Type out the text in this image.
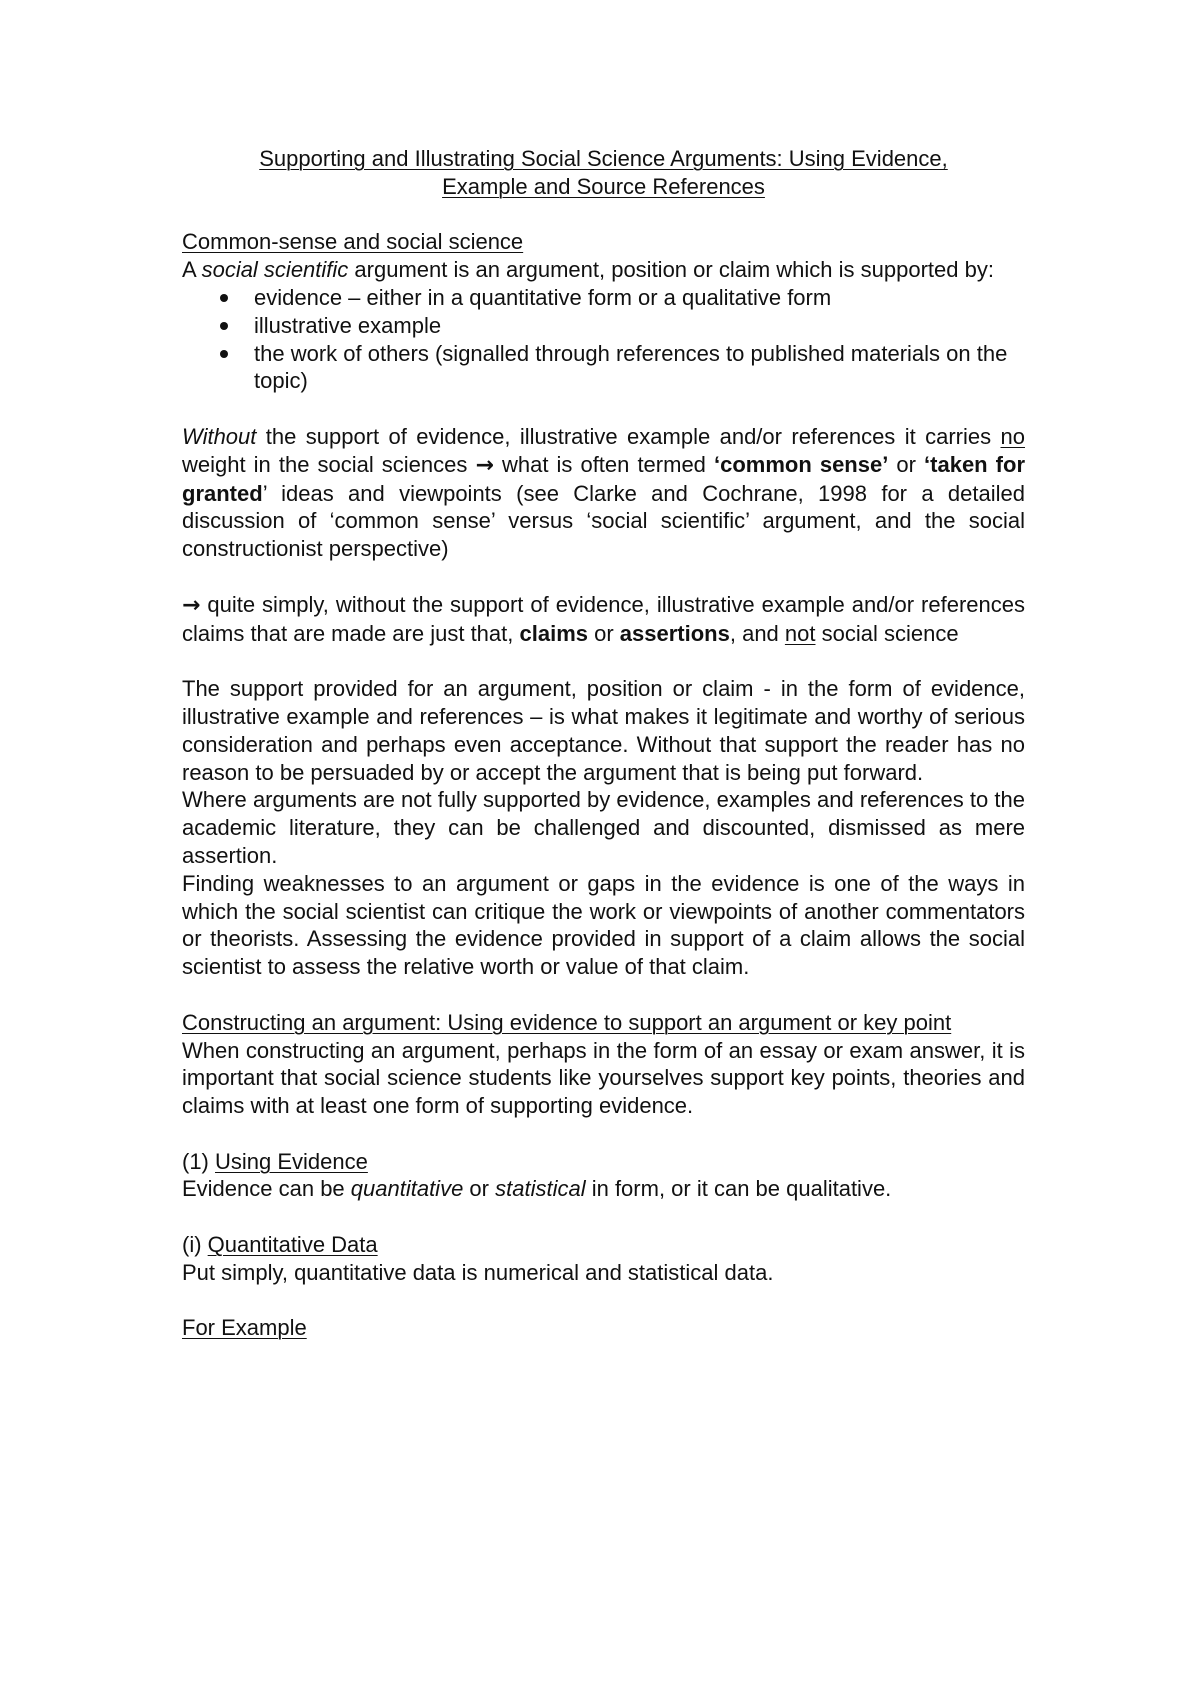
Supporting and Illustrating Social Science Arguments: Using Evidence,
Example and Source References

Common-sense and social science

A social scientific argument is an argument, position or claim which is supported by:

evidence – either in a quantitative form or a qualitative form
illustrative example
the work of others (signalled through references to published materials on the topic)

Without the support of evidence, illustrative example and/or references it carries no weight in the social sciences → what is often termed ‘common sense’ or ‘taken for granted’ ideas and viewpoints (see Clarke and Cochrane, 1998 for a detailed discussion of ‘common sense’ versus ‘social scientific’ argument, and the social constructionist perspective)

→ quite simply, without the support of evidence, illustrative example and/or references claims that are made are just that, claims or assertions, and not social science

The support provided for an argument, position or claim - in the form of evidence, illustrative example and references – is what makes it legitimate and worthy of serious consideration and perhaps even acceptance. Without that support the reader has no reason to be persuaded by or accept the argument that is being put forward.

Where arguments are not fully supported by evidence, examples and references to the academic literature, they can be challenged and discounted, dismissed as mere assertion.

Finding weaknesses to an argument or gaps in the evidence is one of the ways in which the social scientist can critique the work or viewpoints of another commentators or theorists. Assessing the evidence provided in support of a claim allows the social scientist to assess the relative worth or value of that claim.

Constructing an argument: Using evidence to support an argument or key point

When constructing an argument, perhaps in the form of an essay or exam answer, it is important that social science students like yourselves support key points, theories and claims with at least one form of supporting evidence.

(1) Using Evidence

Evidence can be quantitative or statistical in form, or it can be qualitative.

(i) Quantitative Data

Put simply, quantitative data is numerical and statistical data.

For Example
